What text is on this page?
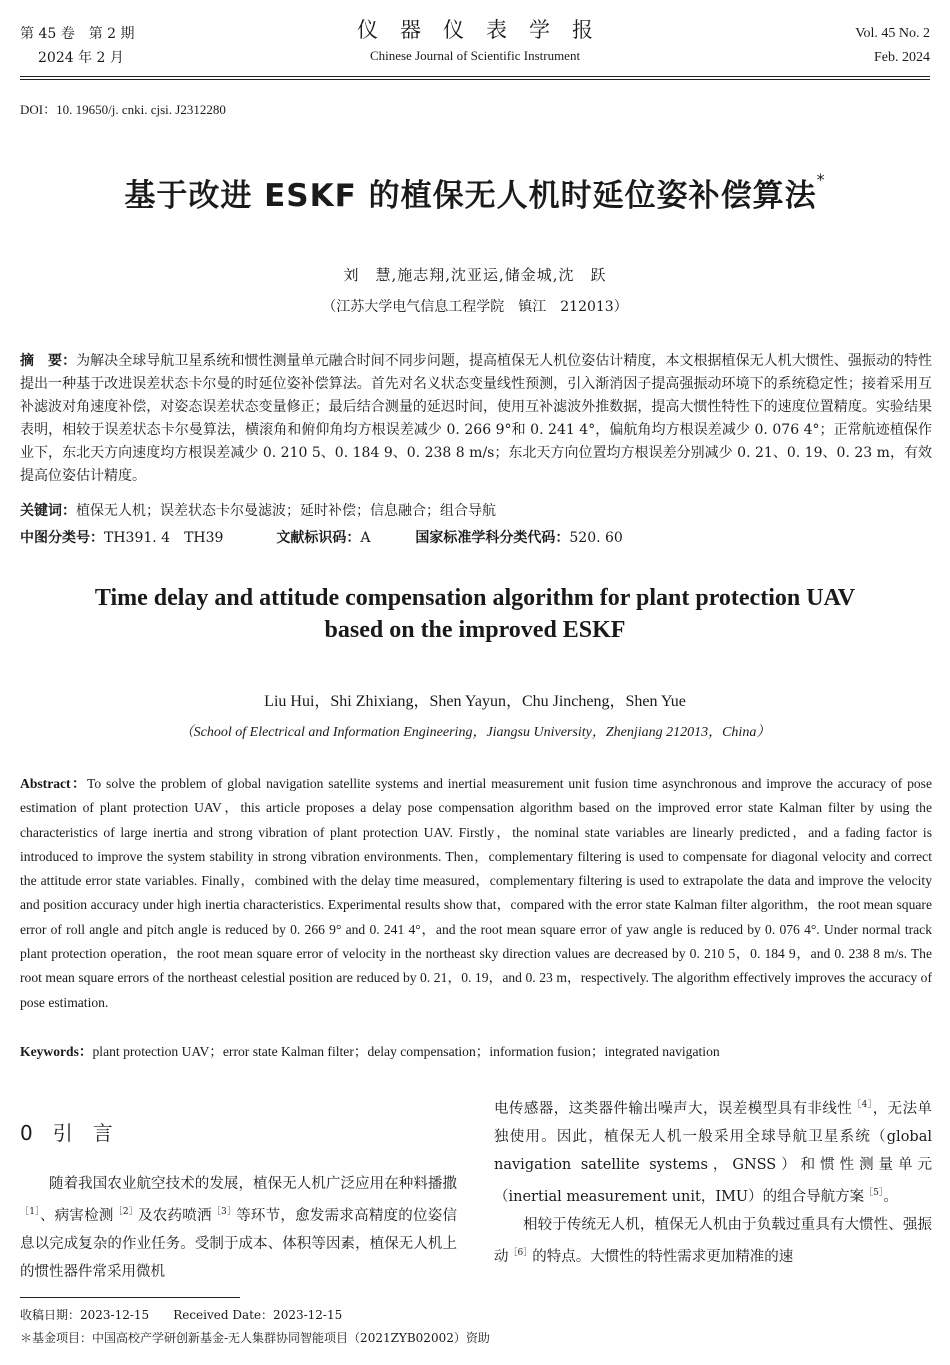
第 45 卷　第 2 期
2024 年 2 月
仪器仪表学报
Chinese Journal of Scientific Instrument
Vol. 45 No. 2
Feb. 2024
DOI：10. 19650/j. cnki. cjsi. J2312280
基于改进 ESKF 的植保无人机时延位姿补偿算法*
刘　慧,施志翔,沈亚运,储金城,沈　跃
（江苏大学电气信息工程学院　镇江　212013）
摘　要：为解决全球导航卫星系统和惯性测量单元融合时间不同步问题，提高植保无人机位姿估计精度，本文根据植保无人机大惯性、强振动的特性提出一种基于改进误差状态卡尔曼的时延位姿补偿算法。首先对名义状态变量线性预测，引入渐消因子提高强振动环境下的系统稳定性；接着采用互补滤波对角速度补偿，对姿态误差状态变量修正；最后结合测量的延迟时间，使用互补滤波外推数据，提高大惯性特性下的速度位置精度。实验结果表明，相较于误差状态卡尔曼算法，横滚角和俯仰角均方根误差减少 0. 266 9°和 0. 241 4°，偏航角均方根误差减少 0. 076 4°；正常航迹植保作业下，东北天方向速度均方根误差减少 0. 210 5、0. 184 9、0. 238 8 m/s；东北天方向位置均方根误差分别减少 0. 21、0. 19、0. 23 m，有效提高位姿估计精度。
关键词：植保无人机；误差状态卡尔曼滤波；延时补偿；信息融合；组合导航
中图分类号：TH391. 4　TH39	文献标识码：A	国家标准学科分类代码：520. 60
Time delay and attitude compensation algorithm for plant protection UAV based on the improved ESKF
Liu Hui，Shi Zhixiang，Shen Yayun，Chu Jincheng，Shen Yue
（School of Electrical and Information Engineering，Jiangsu University，Zhenjiang 212013，China）
Abstract：To solve the problem of global navigation satellite systems and inertial measurement unit fusion time asynchronous and improve the accuracy of pose estimation of plant protection UAV，this article proposes a delay pose compensation algorithm based on the improved error state Kalman filter by using the characteristics of large inertia and strong vibration of plant protection UAV. Firstly，the nominal state variables are linearly predicted，and a fading factor is introduced to improve the system stability in strong vibration environments. Then，complementary filtering is used to compensate for diagonal velocity and correct the attitude error state variables. Finally，combined with the delay time measured，complementary filtering is used to extrapolate the data and improve the velocity and position accuracy under high inertia characteristics. Experimental results show that，compared with the error state Kalman filter algorithm，the root mean square error of roll angle and pitch angle is reduced by 0. 266 9° and 0. 241 4°，and the root mean square error of yaw angle is reduced by 0. 076 4°. Under normal track plant protection operation，the root mean square error of velocity in the northeast sky direction values are decreased by 0. 210 5，0. 184 9，and 0. 238 8 m/s. The root mean square errors of the northeast celestial position are reduced by 0. 21，0. 19，and 0. 23 m，respectively. The algorithm effectively improves the accuracy of pose estimation.
Keywords：plant protection UAV；error state Kalman filter；delay compensation；information fusion；integrated navigation
0 引　言

随着我国农业航空技术的发展，植保无人机广泛应用在种料播撒$^{[1]}$、病害检测$^{[2]}$及农药喷洒$^{[3]}$等环节，愈发需求高精度的位姿信息以完成复杂的作业任务。受制于成本、体积等因素，植保无人机上的惯性器件常采用微机

电传感器，这类器件输出噪声大，误差模型具有非线性$^{[4]}$，无法单独使用。因此，植保无人机一般采用全球导航卫星系统（global navigation satellite systems，GNSS）和惯性测量单元（inertial measurement unit，IMU）的组合导航方案$^{[5]}$。

相较于传统无人机，植保无人机由于负载过重具有大惯性、强振动$^{[6]}$的特点。大惯性的特性需求更加精准的速

收稿日期：2023-12-15　　Received Date：2023-12-15
＊基金项目：中国高校产学研创新基金-无人集群协同智能项目（2021ZYB02002）资助
